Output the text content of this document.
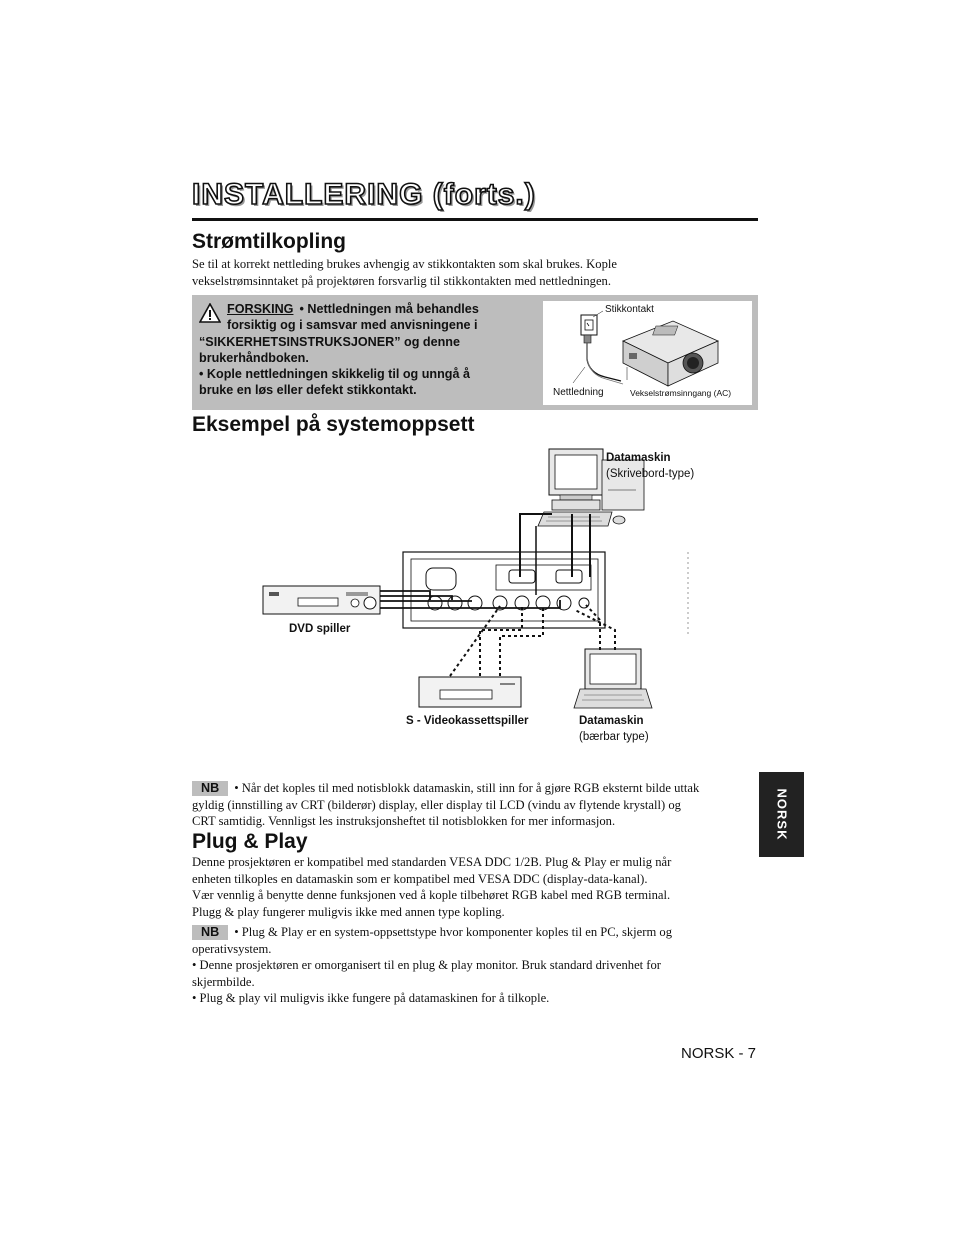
INSTALLERING (forts.)
Strømtilkopling
Se til at korrekt nettleding brukes avhengig av stikkontakten som skal brukes. Kople vekselstrømsinntaket på projektøren forsvarlig til stikkontakten med nettledningen.
FORSKING • Nettledningen må behandles
forsiktig og i samsvar med anvisningene i
“SIKKERHETSINSTRUKSJONER” og denne
brukerhåndboken.
• Kople nettledningen skikkelig til og unngå å
bruke en løs eller defekt stikkontakt.
Stikkontakt
Nettledning	Vekselstrømsinngang (AC)
Eksempel på systemoppsett
Datamaskin
(Skrivebord-type)
DVD spiller
S - Videokassettspiller	Datamaskin
(bærbar type)
NB • Når det koples til med notisblokk datamaskin, still inn for å gjøre RGB eksternt bilde uttak
gyldig (innstilling av CRT (bilderør) display, eller display til LCD (vindu av flytende krystall) og
CRT samtidig. Vennligst les instruksjonsheftet til notisblokken for mer informasjon.
Plug & Play
Denne prosjektøren er kompatibel med standarden VESA DDC 1/2B. Plug & Play er mulig når
enheten tilkoples en datamaskin som er kompatibel med VESA DDC (display-data-kanal).
Vær vennlig å benytte denne funksjonen ved å kople tilbehøret RGB kabel med RGB terminal.
Plugg & play fungerer muligvis ikke med annen type kopling.
NB • Plug & Play er en system-oppsettstype hvor komponenter koples til en PC, skjerm og
operativsystem.
• Denne prosjektøren er omorganisert til en plug & play monitor. Bruk standard drivenhet for
skjermbilde.
• Plug & play vil muligvis ikke fungere på datamaskinen for å tilkople.
NORSK
NORSK - 7
